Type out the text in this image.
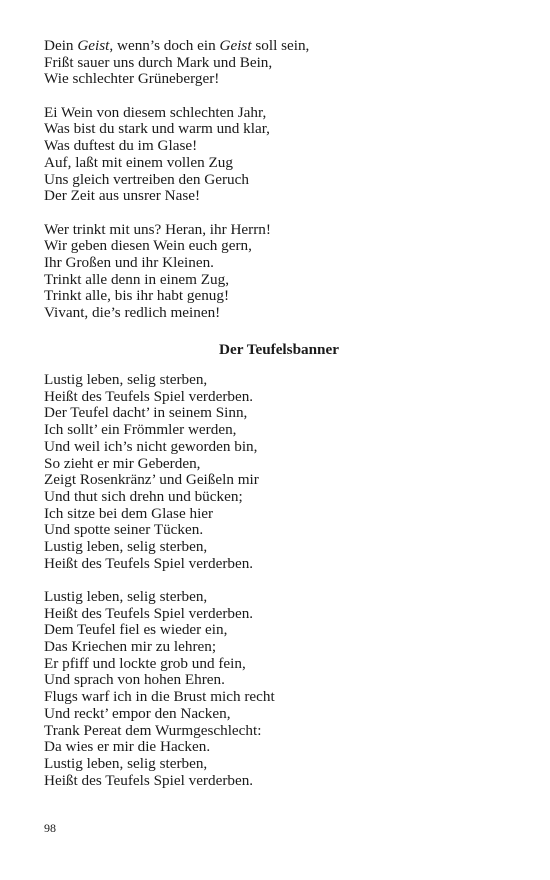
Dein Geist, wenn’s doch ein Geist soll sein,
Frißt sauer uns durch Mark und Bein,
Wie schlechter Grüneberger!
Ei Wein von diesem schlechten Jahr,
Was bist du stark und warm und klar,
Was duftest du im Glase!
Auf, laßt mit einem vollen Zug
Uns gleich vertreiben den Geruch
Der Zeit aus unsrer Nase!
Wer trinkt mit uns? Heran, ihr Herrn!
Wir geben diesen Wein euch gern,
Ihr Großen und ihr Kleinen.
Trinkt alle denn in einem Zug,
Trinkt alle, bis ihr habt genug!
Vivant, die’s redlich meinen!
Der Teufelsbanner
Lustig leben, selig sterben,
Heißt des Teufels Spiel verderben.
Der Teufel dacht’ in seinem Sinn,
Ich sollt’ ein Frömmler werden,
Und weil ich’s nicht geworden bin,
So zieht er mir Geberden,
Zeigt Rosenkränz’ und Geißeln mir
Und thut sich drehn und bücken;
Ich sitze bei dem Glase hier
Und spotte seiner Tücken.
Lustig leben, selig sterben,
Heißt des Teufels Spiel verderben.
Lustig leben, selig sterben,
Heißt des Teufels Spiel verderben.
Dem Teufel fiel es wieder ein,
Das Kriechen mir zu lehren;
Er pfiff und lockte grob und fein,
Und sprach von hohen Ehren.
Flugs warf ich in die Brust mich recht
Und reckt’ empor den Nacken,
Trank Pereat dem Wurmgeschlecht:
Da wies er mir die Hacken.
Lustig leben, selig sterben,
Heißt des Teufels Spiel verderben.
98
